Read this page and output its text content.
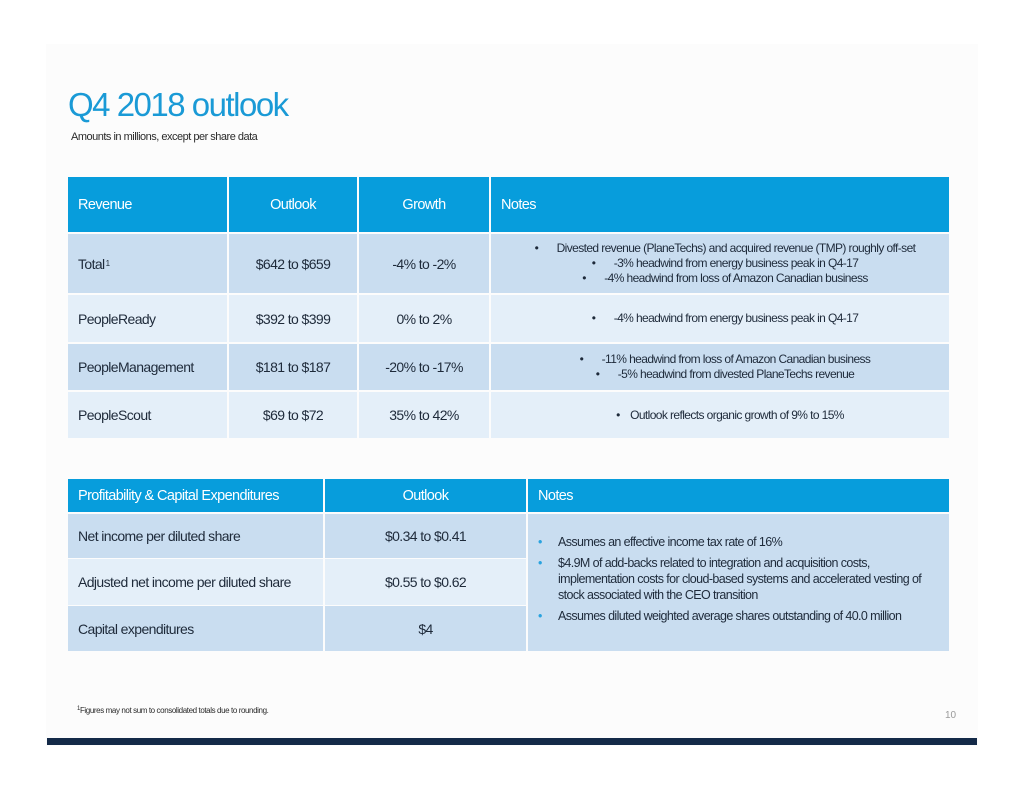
Q4 2018 outlook
Amounts in millions, except per share data
Revenue	Outlook	Growth	Notes
Total 1	$642 to $659	-4% to -2%
•	Divested revenue (PlaneTechs) and acquired revenue (TMP) roughly off-set
•	-3% headwind from energy business peak in Q4-17
•	-4% headwind from loss of Amazon Canadian business
PeopleReady	$392 to $399	0% to 2%	•	-4% headwind from energy business peak in Q4-17
PeopleManagement	$181 to $187	-20% to -17%	•	-11% headwind from loss of Amazon Canadian business
•	-5% headwind from divested PlaneTechs revenue
PeopleScout	$69 to $72	35% to 42%	• Outlook reflects organic growth of 9% to 15%
Profitability & Capital Expenditures	Outlook	Notes
Net income per diluted share	$0.34 to $0.41
Adjusted net income per diluted share	$0.55 to $0.62
Capital expenditures	$4
•	Assumes an effective income tax rate of 16%
•	$4.9M of add-backs related to integration and acquisition costs, implementation costs for cloud-based systems and accelerated vesting of stock associated with the CEO transition
•	Assumes diluted weighted average shares outstanding of 40.0 million
$^1$Figures may not sum to consolidated totals due to rounding.	10
